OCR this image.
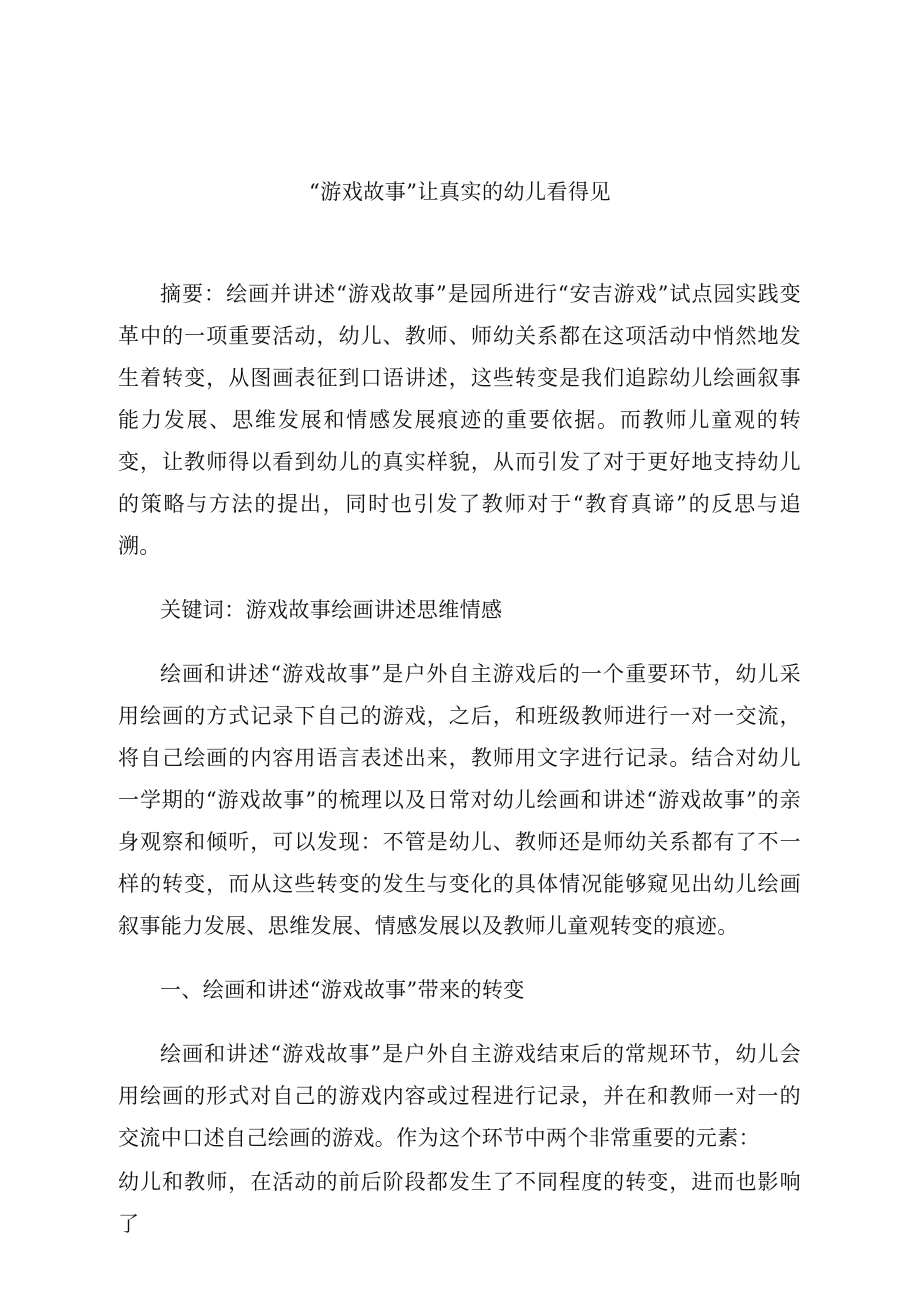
“游戏故事”让真实的幼儿看得见

摘要：绘画并讲述“游戏故事”是园所进行“安吉游戏”试点园实践变革中的一项重要活动，幼儿、教师、师幼关系都在这项活动中悄然地发生着转变，从图画表征到口语讲述，这些转变是我们追踪幼儿绘画叙事能力发展、思维发展和情感发展痕迹的重要依据。而教师儿童观的转变，让教师得以看到幼儿的真实样貌，从而引发了对于更好地支持幼儿的策略与方法的提出，同时也引发了教师对于“教育真谛”的反思与追溯。

关键词：游戏故事绘画讲述思维情感

绘画和讲述“游戏故事”是户外自主游戏后的一个重要环节，幼儿采用绘画的方式记录下自己的游戏，之后，和班级教师进行一对一交流，将自己绘画的内容用语言表述出来，教师用文字进行记录。结合对幼儿一学期的“游戏故事”的梳理以及日常对幼儿绘画和讲述“游戏故事”的亲身观察和倾听，可以发现：不管是幼儿、教师还是师幼关系都有了不一样的转变，而从这些转变的发生与变化的具体情况能够窥见出幼儿绘画叙事能力发展、思维发展、情感发展以及教师儿童观转变的痕迹。

一、绘画和讲述“游戏故事”带来的转变

绘画和讲述“游戏故事”是户外自主游戏结束后的常规环节，幼儿会用绘画的形式对自己的游戏内容或过程进行记录，并在和教师一对一的交流中口述自己绘画的游戏。作为这个环节中两个非常重要的元素：

幼儿和教师，在活动的前后阶段都发生了不同程度的转变，进而也影响了
